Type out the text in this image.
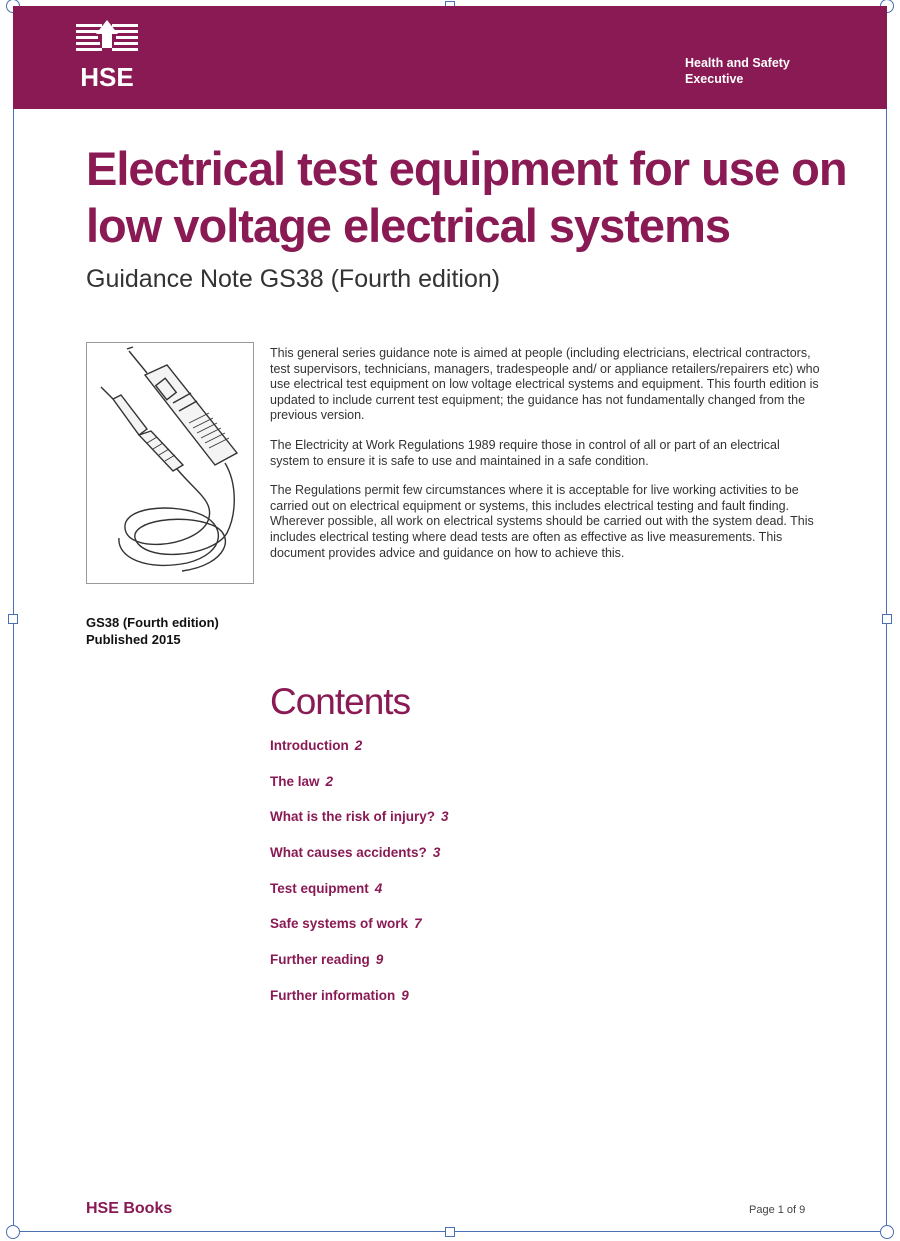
HSE	Health and Safety Executive
Electrical test equipment for use on low voltage electrical systems
Guidance Note GS38 (Fourth edition)
GS38 (Fourth edition)
Published 2015

This general series guidance note is aimed at people (including electricians, electrical contractors, test supervisors, technicians, managers, tradespeople and/ or appliance retailers/repairers etc) who use electrical test equipment on low voltage electrical systems and equipment. This fourth edition is updated to include current test equipment; the guidance has not fundamentally changed from the previous version.

The Electricity at Work Regulations 1989 require those in control of all or part of an electrical system to ensure it is safe to use and maintained in a safe condition.

The Regulations permit few circumstances where it is acceptable for live working activities to be carried out on electrical equipment or systems, this includes electrical testing and fault finding. Wherever possible, all work on electrical systems should be carried out with the system dead. This includes electrical testing where dead tests are often as effective as live measurements. This document provides advice and guidance on how to achieve this.

Contents
Introduction 2
The law 2
What is the risk of injury? 3
What causes accidents? 3
Test equipment 4
Safe systems of work 7
Further reading 9
Further information 9
HSE Books	Page 1 of 9
